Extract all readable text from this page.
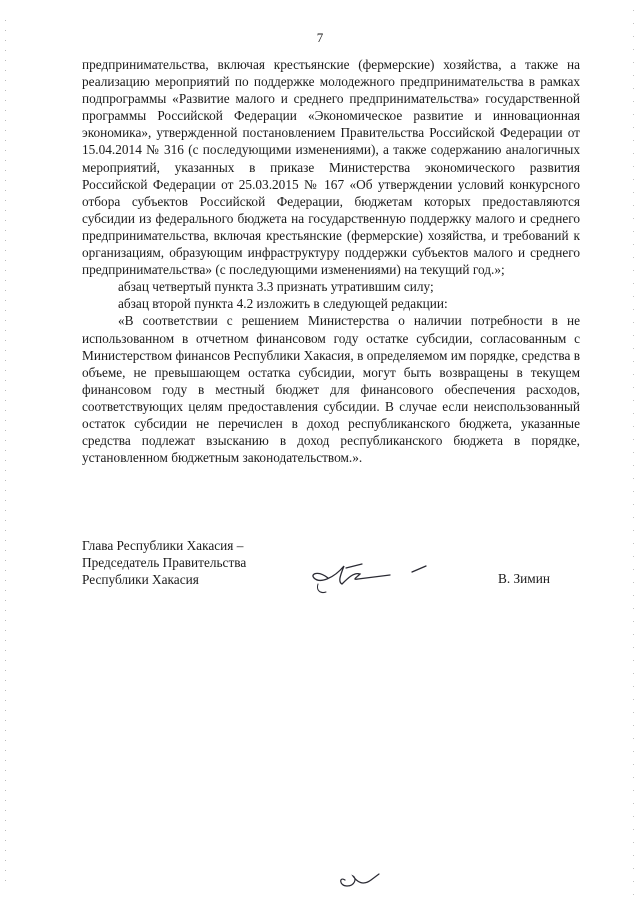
7

предпринимательства, включая крестьянские (фермерские) хозяйства, а также на реализацию мероприятий по поддержке молодежного предпринимательства в рамках подпрограммы «Развитие малого и среднего предпринимательства» государственной программы Российской Федерации «Экономическое развитие и инновационная экономика», утвержденной постановлением Правительства Российской Федерации от 15.04.2014 № 316 (с последующими изменениями), а также содержанию аналогичных мероприятий, указанных в приказе Министерства экономического развития Российской Федерации от 25.03.2015 № 167 «Об утверждении условий конкурсного отбора субъектов Российской Федерации, бюджетам которых предоставляются субсидии из федерального бюджета на государственную поддержку малого и среднего предпринимательства, включая крестьянские (фермерские) хозяйства, и требований к организациям, образующим инфраструктуру поддержки субъектов малого и среднего предпринимательства» (с последующими изменениями) на текущий год.»;

абзац четвертый пункта 3.3 признать утратившим силу;

абзац второй пункта 4.2 изложить в следующей редакции:

«В соответствии с решением Министерства о наличии потребности в не использованном в отчетном финансовом году остатке субсидии, согласованным с Министерством финансов Республики Хакасия, в определяемом им порядке, средства в объеме, не превышающем остатка субсидии, могут быть возвращены в текущем финансовом году в местный бюджет для финансового обеспечения расходов, соответствующих целям предоставления субсидии. В случае если неиспользованный остаток субсидии не перечислен в доход республиканского бюджета, указанные средства подлежат взысканию в доход республиканского бюджета в порядке, установленном бюджетным законодательством.».

Глава Республики Хакасия –
Председатель Правительства
Республики Хакасия	В. Зимин
